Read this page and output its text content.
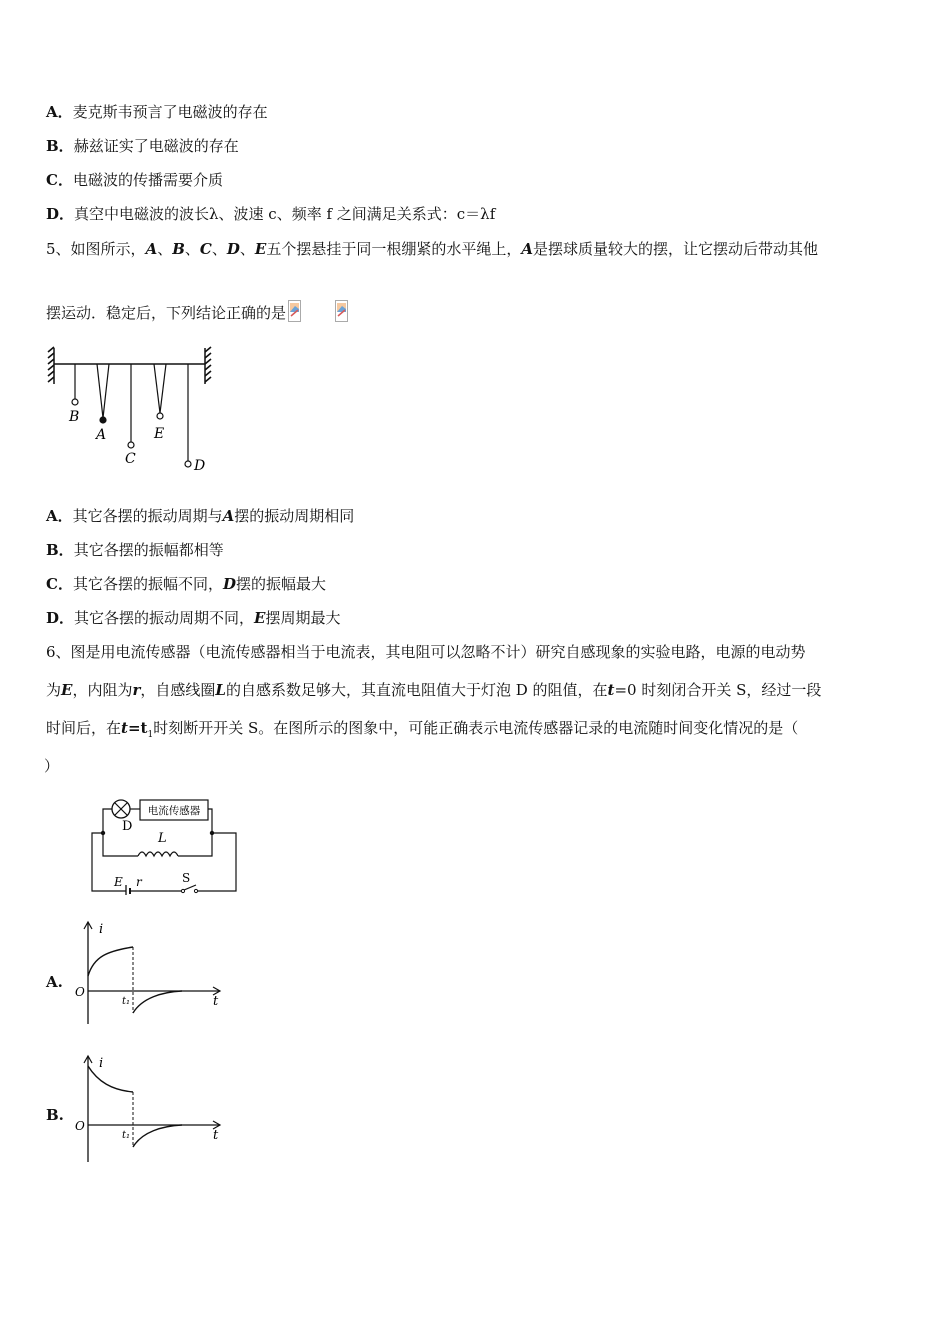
A．麦克斯韦预言了电磁波的存在
B．赫兹证实了电磁波的存在
C．电磁波的传播需要介质
D．真空中电磁波的波长λ、波速 c、频率 f 之间满足关系式：c＝λf
5、如图所示，A、B、C、D、E五个摆悬挂于同一根绷紧的水平绳上，A是摆球质量较大的摆，让它摆动后带动其他
摆运动．稳定后，下列结论正确的是
B
A
C
E
D
A．其它各摆的振动周期与A摆的振动周期相同
B．其它各摆的振幅都相等
C．其它各摆的振幅不同，D摆的振幅最大
D．其它各摆的振动周期不同，E摆周期最大
6、图是用电流传感器（电流传感器相当于电流表，其电阻可以忽略不计）研究自感现象的实验电路，电源的电动势
为E，内阻为r，自感线圈L的自感系数足够大，其直流电阻值大于灯泡 D 的阻值，在t=0 时刻闭合开关 S，经过一段
时间后，在$t=t_1$时刻断开开关 S。在图所示的图象中，可能正确表示电流传感器记录的电流随时间变化情况的是（
）
D
电流传感器
L
E r	S
A.
i
O
t₁	t
B.
i
O
t₁	t
